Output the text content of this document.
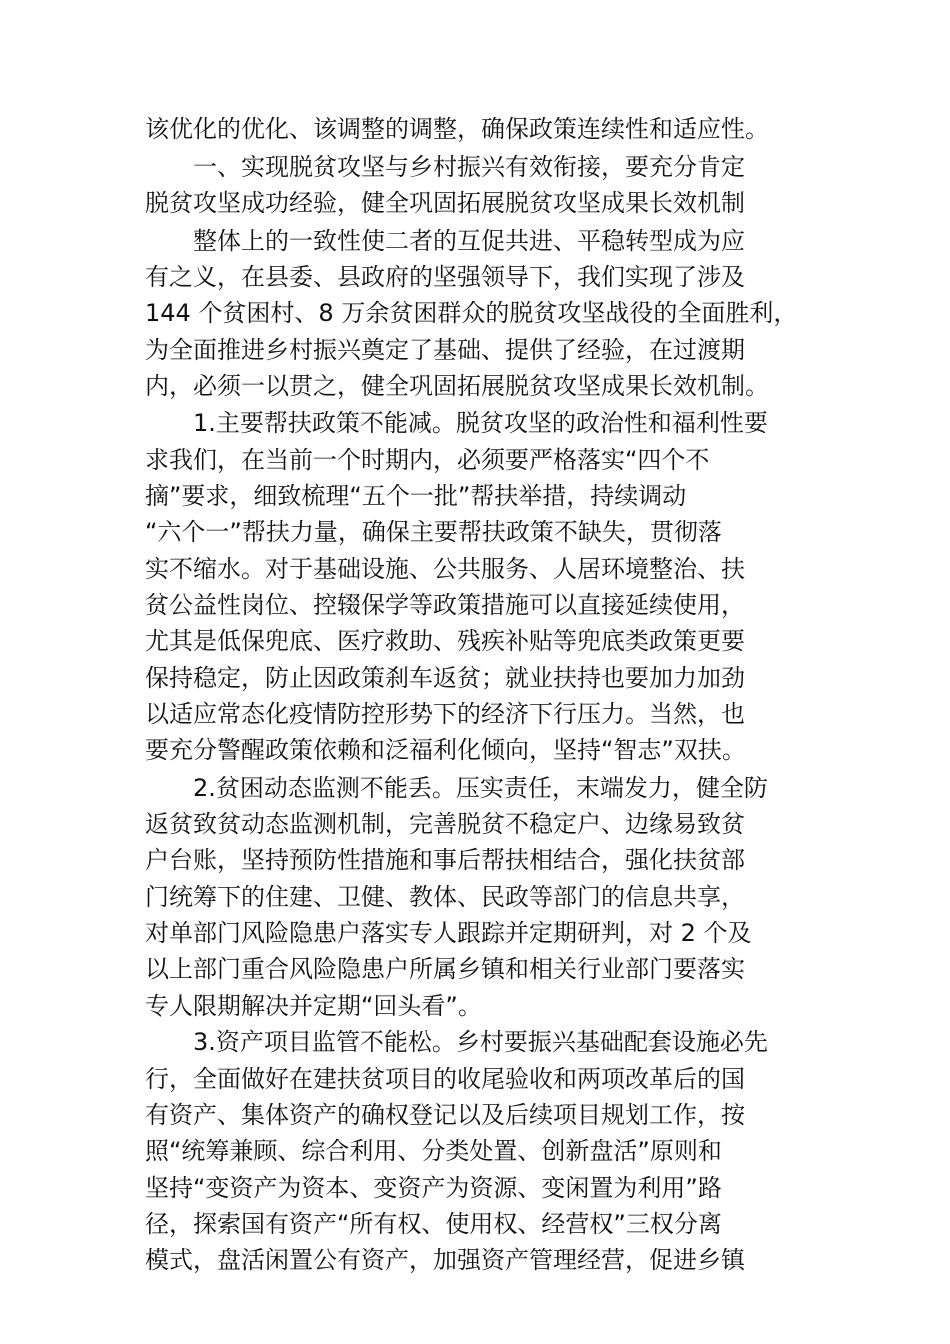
该优化的优化、该调整的调整，确保政策连续性和适应性。
一、实现脱贫攻坚与乡村振兴有效衔接，要充分肯定
脱贫攻坚成功经验，健全巩固拓展脱贫攻坚成果长效机制
整体上的一致性使二者的互促共进、平稳转型成为应
有之义，在县委、县政府的坚强领导下，我们实现了涉及
144 个贫困村、8 万余贫困群众的脱贫攻坚战役的全面胜利，
为全面推进乡村振兴奠定了基础、提供了经验，在过渡期
内，必须一以贯之，健全巩固拓展脱贫攻坚成果长效机制。
1.主要帮扶政策不能减。脱贫攻坚的政治性和福利性要
求我们，在当前一个时期内，必须要严格落实“四个不
摘”要求，细致梳理“五个一批”帮扶举措，持续调动
“六个一”帮扶力量，确保主要帮扶政策不缺失，贯彻落
实不缩水。对于基础设施、公共服务、人居环境整治、扶
贫公益性岗位、控辍保学等政策措施可以直接延续使用，
尤其是低保兜底、医疗救助、残疾补贴等兜底类政策更要
保持稳定，防止因政策刹车返贫；就业扶持也要加力加劲
以适应常态化疫情防控形势下的经济下行压力。当然，也
要充分警醒政策依赖和泛福利化倾向，坚持“智志”双扶。
2.贫困动态监测不能丢。压实责任，末端发力，健全防
返贫致贫动态监测机制，完善脱贫不稳定户、边缘易致贫
户台账，坚持预防性措施和事后帮扶相结合，强化扶贫部
门统筹下的住建、卫健、教体、民政等部门的信息共享，
对单部门风险隐患户落实专人跟踪并定期研判，对 2 个及
以上部门重合风险隐患户所属乡镇和相关行业部门要落实
专人限期解决并定期“回头看”。
3.资产项目监管不能松。乡村要振兴基础配套设施必先
行，全面做好在建扶贫项目的收尾验收和两项改革后的国
有资产、集体资产的确权登记以及后续项目规划工作，按
照“统筹兼顾、综合利用、分类处置、创新盘活”原则和
坚持“变资产为资本、变资产为资源、变闲置为利用”路
径，探索国有资产“所有权、使用权、经营权”三权分离
模式，盘活闲置公有资产，加强资产管理经营，促进乡镇
